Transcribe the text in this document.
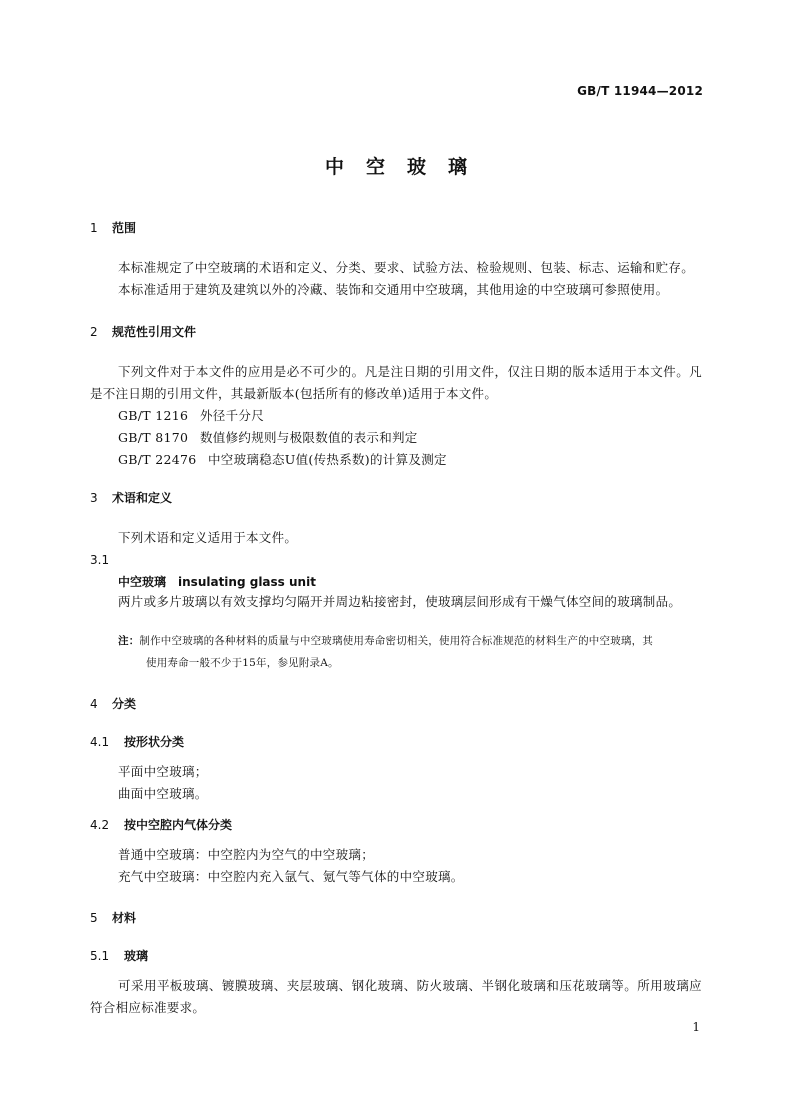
GB/T 11944—2012
中空玻璃
1 范围
本标准规定了中空玻璃的术语和定义、分类、要求、试验方法、检验规则、包装、标志、运输和贮存。
本标准适用于建筑及建筑以外的冷藏、装饰和交通用中空玻璃，其他用途的中空玻璃可参照使用。
2 规范性引用文件
下列文件对于本文件的应用是必不可少的。凡是注日期的引用文件，仅注日期的版本适用于本文件。凡是不注日期的引用文件，其最新版本(包括所有的修改单)适用于本文件。
GB/T 1216 外径千分尺
GB/T 8170 数值修约规则与极限数值的表示和判定
GB/T 22476 中空玻璃稳态U值(传热系数)的计算及测定
3 术语和定义
下列术语和定义适用于本文件。
3.1
中空玻璃 insulating glass unit
两片或多片玻璃以有效支撑均匀隔开并周边粘接密封，使玻璃层间形成有干燥气体空间的玻璃制品。
注：制作中空玻璃的各种材料的质量与中空玻璃使用寿命密切相关，使用符合标准规范的材料生产的中空玻璃，其
使用寿命一般不少于15年，参见附录A。
4 分类
4.1 按形状分类
平面中空玻璃；
曲面中空玻璃。
4.2 按中空腔内气体分类
普通中空玻璃：中空腔内为空气的中空玻璃；
充气中空玻璃：中空腔内充入氩气、氪气等气体的中空玻璃。
5 材料
5.1 玻璃
可采用平板玻璃、镀膜玻璃、夹层玻璃、钢化玻璃、防火玻璃、半钢化玻璃和压花玻璃等。所用玻璃应符合相应标准要求。
1
